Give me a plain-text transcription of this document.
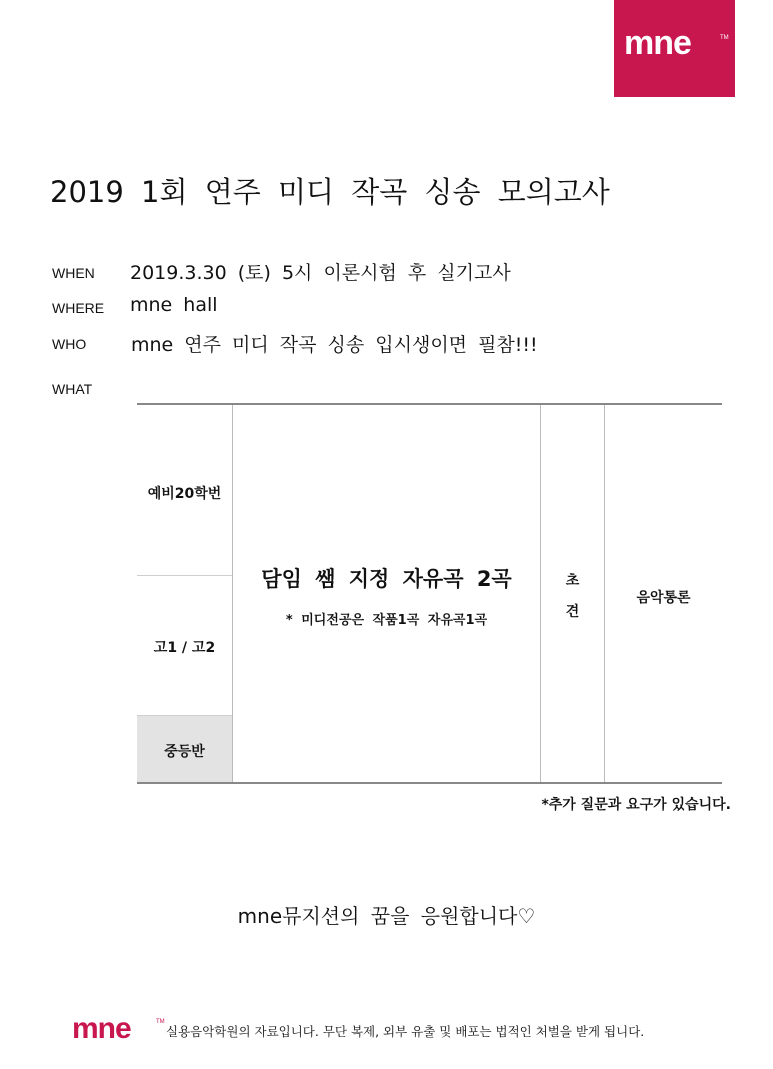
mne	TM
2019 1회 연주 미디 작곡 싱송 모의고사
WHEN 2019.3.30 (토) 5시 이론시험 후 실기고사
WHERE mne hall
WHO mne 연주 미디 작곡 싱송 입시생이면 필참!!!
WHAT
예비20학번
고1 / 고2
중등반
담임 쌤 지정 자유곡 2곡
* 미디전공은 작품1곡 자유곡1곡
초
견
음악통론
*추가 질문과 요구가 있습니다.
mne뮤지션의 꿈을 응원합니다♡
mne	TM
실용음악학원의 자료입니다. 무단 복제, 외부 유출 및 배포는 법적인 처벌을 받게 됩니다.
